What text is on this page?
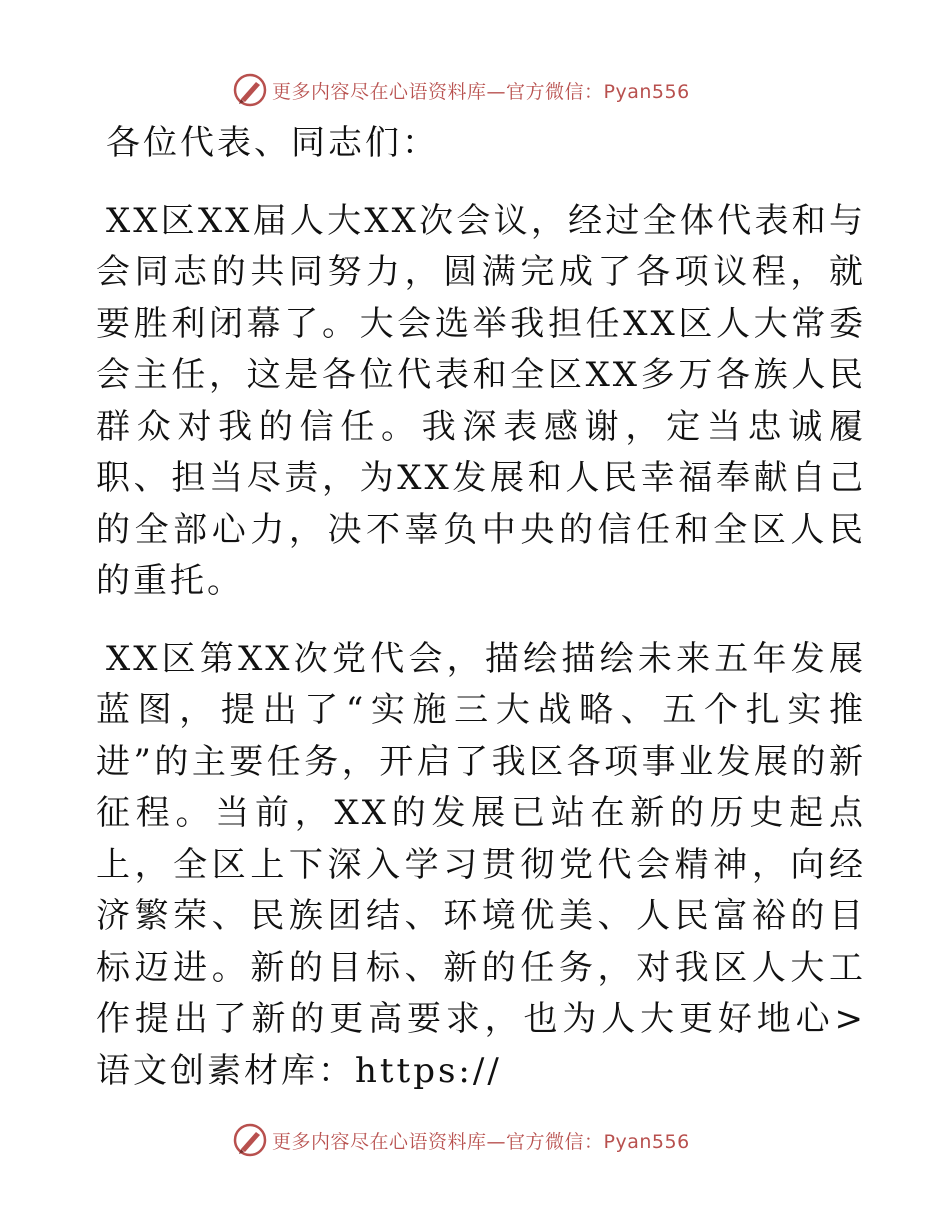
更多内容尽在心语资料库—官方微信：Pyan556

各位代表、同志们：

XX区XX届人大XX次会议，经过全体代表和与会同志的共同努力，圆满完成了各项议程，就要胜利闭幕了。大会选举我担任XX区人大常委会主任，这是各位代表和全区XX多万各族人民群众对我的信任。我深表感谢，定当忠诚履职、担当尽责，为XX发展和人民幸福奉献自己的全部心力，决不辜负中央的信任和全区人民的重托。

XX区第XX次党代会，描绘描绘未来五年发展蓝图，提出了“实施三大战略、五个扎实推进”的主要任务，开启了我区各项事业发展的新征程。当前，XX的发展已站在新的历史起点上，全区上下深入学习贯彻党代会精神，向经济繁荣、民族团结、环境优美、人民富裕的目标迈进。新的目标、新的任务，对我区人大工作提出了新的更高要求，也为人大更好地心>语文创素材库：https://

更多内容尽在心语资料库—官方微信：Pyan556
